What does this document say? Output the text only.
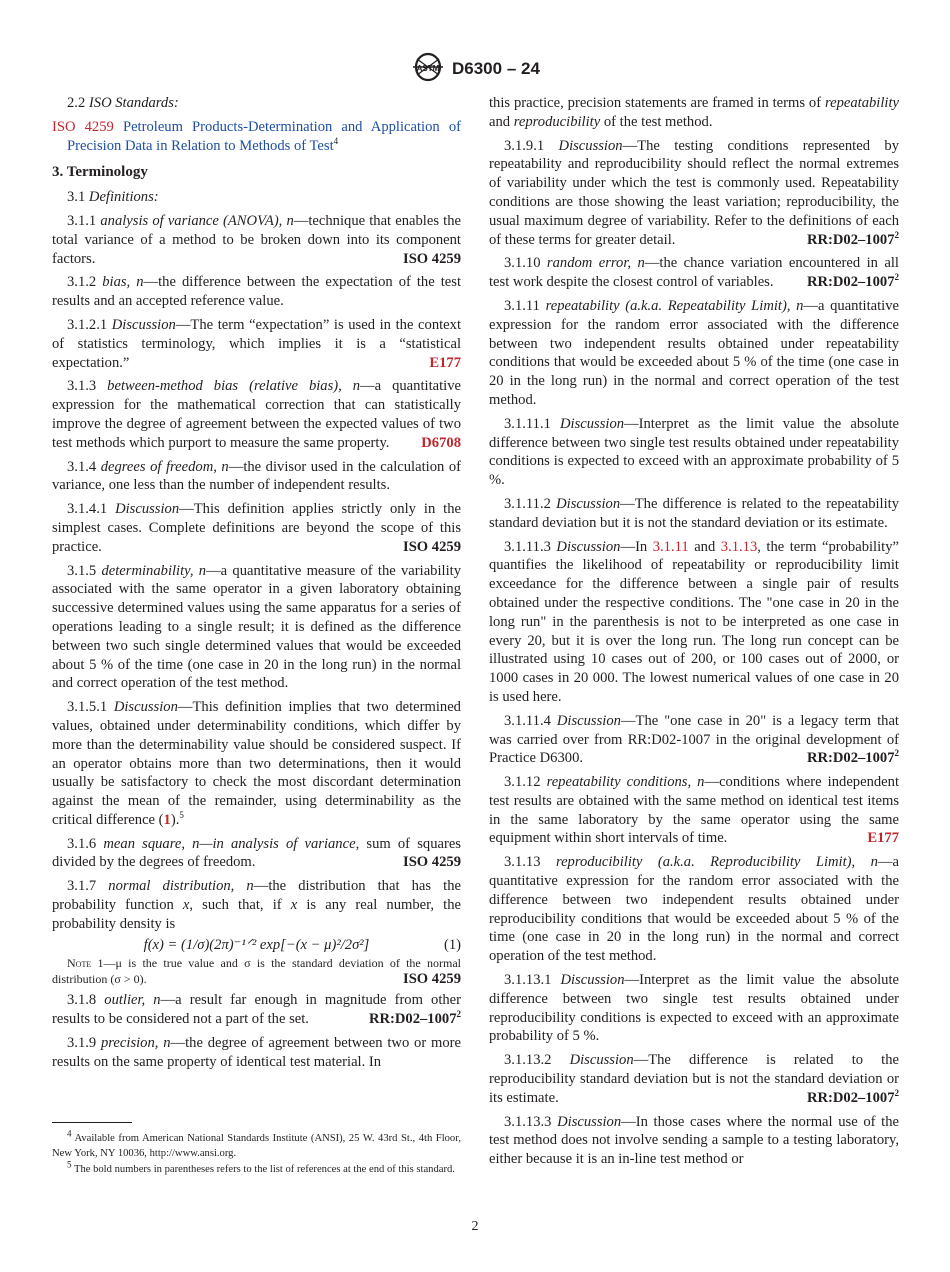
ASTM D6300 – 24

2.2 ISO Standards:

ISO 4259 Petroleum Products-Determination and Application of Precision Data in Relation to Methods of Test$^4$

3. Terminology

3.1 Definitions:

3.1.1 analysis of variance (ANOVA), n—technique that enables the total variance of a method to be broken down into its component factors.	ISO 4259

3.1.2 bias, n—the difference between the expectation of the test results and an accepted reference value.

3.1.2.1 Discussion—The term “expectation” is used in the context of statistics terminology, which implies it is a “statistical expectation.”	E177

3.1.3 between-method bias (relative bias), n—a quantitative expression for the mathematical correction that can statistically improve the degree of agreement between the expected values of two test methods which purport to measure the same property.	D6708

3.1.4 degrees of freedom, n—the divisor used in the calculation of variance, one less than the number of independent results.

3.1.4.1 Discussion—This definition applies strictly only in the simplest cases. Complete definitions are beyond the scope of this practice.	ISO 4259

3.1.5 determinability, n—a quantitative measure of the variability associated with the same operator in a given laboratory obtaining successive determined values using the same apparatus for a series of operations leading to a single result; it is defined as the difference between two such single determined values that would be exceeded about 5 % of the time (one case in 20 in the long run) in the normal and correct operation of the test method.

3.1.5.1 Discussion—This definition implies that two determined values, obtained under determinability conditions, which differ by more than the determinability value should be considered suspect. If an operator obtains more than two determinations, then it would usually be satisfactory to check the most discordant determination against the mean of the remainder, using determinability as the critical difference (1).$^5$

3.1.6 mean square, n—in analysis of variance, sum of squares divided by the degrees of freedom.	ISO 4259

3.1.7 normal distribution, n—the distribution that has the probability function x, such that, if x is any real number, the probability density is

f(x) = (1/σ)(2π)⁻¹ᐟ² exp[−(x − μ)²/2σ²]	(1)

Note 1—μ is the true value and σ is the standard deviation of the normal distribution (σ > 0).	ISO 4259

3.1.8 outlier, n—a result far enough in magnitude from other results to be considered not a part of the set.	RR:D02–1007$^2$

3.1.9 precision, n—the degree of agreement between two or more results on the same property of identical test material. In

$^4$ Available from American National Standards Institute (ANSI), 25 W. 43rd St., 4th Floor, New York, NY 10036, http://www.ansi.org.

$^5$ The bold numbers in parentheses refers to the list of references at the end of this standard.

this practice, precision statements are framed in terms of repeatability and reproducibility of the test method.

3.1.9.1 Discussion—The testing conditions represented by repeatability and reproducibility should reflect the normal extremes of variability under which the test is commonly used. Repeatability conditions are those showing the least variation; reproducibility, the usual maximum degree of variability. Refer to the definitions of each of these terms for greater detail.	RR:D02–1007$^2$

3.1.10 random error, n—the chance variation encountered in all test work despite the closest control of variables.	RR:D02–1007$^2$

3.1.11 repeatability (a.k.a. Repeatability Limit), n—a quantitative expression for the random error associated with the difference between two independent results obtained under repeatability conditions that would be exceeded about 5 % of the time (one case in 20 in the long run) in the normal and correct operation of the test method.

3.1.11.1 Discussion—Interpret as the limit value the absolute difference between two single test results obtained under repeatability conditions is expected to exceed with an approximate probability of 5 %.

3.1.11.2 Discussion—The difference is related to the repeatability standard deviation but it is not the standard deviation or its estimate.

3.1.11.3 Discussion—In 3.1.11 and 3.1.13, the term “probability” quantifies the likelihood of repeatability or reproducibility limit exceedance for the difference between a single pair of results obtained under the respective conditions. The "one case in 20 in the long run" in the parenthesis is not to be interpreted as one case in every 20, but it is over the long run. The long run concept can be illustrated using 10 cases out of 200, or 100 cases out of 2000, or 1000 cases in 20 000. The lowest numerical values of one case in 20 is used here.

3.1.11.4 Discussion—The "one case in 20" is a legacy term that was carried over from RR:D02-1007 in the original development of Practice D6300.	RR:D02–1007$^2$

3.1.12 repeatability conditions, n—conditions where independent test results are obtained with the same method on identical test items in the same laboratory by the same operator using the same equipment within short intervals of time.	E177

3.1.13 reproducibility (a.k.a. Reproducibility Limit), n—a quantitative expression for the random error associated with the difference between two independent results obtained under reproducibility conditions that would be exceeded about 5 % of the time (one case in 20 in the long run) in the normal and correct operation of the test method.

3.1.13.1 Discussion—Interpret as the limit value the absolute difference between two single test results obtained under reproducibility conditions is expected to exceed with an approximate probability of 5 %.

3.1.13.2 Discussion—The difference is related to the reproducibility standard deviation but is not the standard deviation or its estimate.	RR:D02–1007$^2$

3.1.13.3 Discussion—In those cases where the normal use of the test method does not involve sending a sample to a testing laboratory, either because it is an in-line test method or

2
